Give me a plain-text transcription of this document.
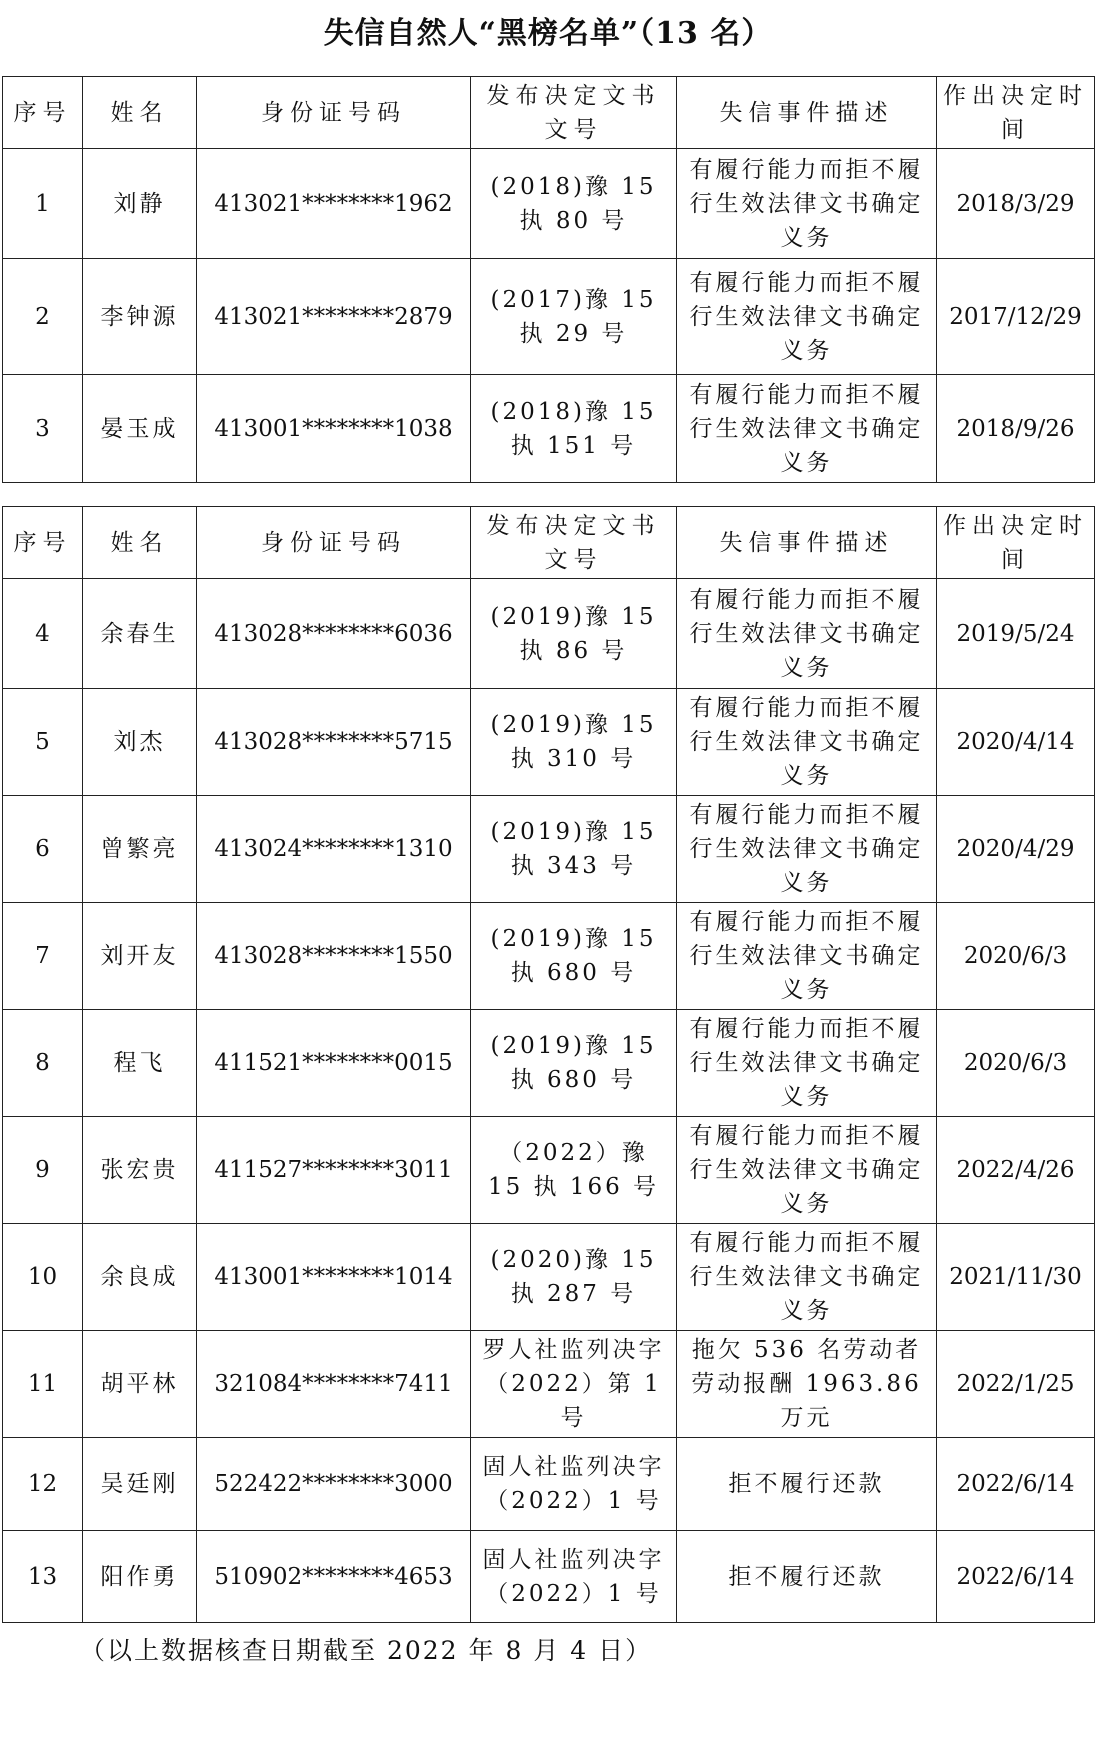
失信自然人“黑榜名单”（13 名）
序号	姓名	身份证号码	发布决定文书文号	失信事件描述	作出决定时 间
1	刘静	413021********1962	(2018)豫 15 执 80 号	有履行能力而拒不履行生效法律文书确定义务	2018/3/29
2	李钟源	413021********2879	(2017)豫 15 执 29 号	有履行能力而拒不履行生效法律文书确定义务	2017/12/29
3	晏玉成	413001********1038	(2018)豫 15 执 151 号	有履行能力而拒不履行生效法律文书确定义务	2018/9/26
序号	姓名	身份证号码	发布决定文书文号	失信事件描述	作出决定时 间
4	余春生	413028********6036	(2019)豫 15 执 86 号	有履行能力而拒不履行生效法律文书确定义务	2019/5/24
5	刘杰	413028********5715	(2019)豫 15 执 310 号	有履行能力而拒不履行生效法律文书确定义务	2020/4/14
6	曾繁亮	413024********1310	(2019)豫 15 执 343 号	有履行能力而拒不履行生效法律文书确定义务	2020/4/29
7	刘开友	413028********1550	(2019)豫 15 执 680 号	有履行能力而拒不履行生效法律文书确定义务	2020/6/3
8	程飞	411521********0015	(2019)豫 15 执 680 号	有履行能力而拒不履行生效法律文书确定义务	2020/6/3
9	张宏贵	411527********3011	（2022）豫 15 执 166 号	有履行能力而拒不履行生效法律文书确定义务	2022/4/26
10	余良成	413001********1014	(2020)豫 15 执 287 号	有履行能力而拒不履行生效法律文书确定义务	2021/11/30
11	胡平林	321084********7411	罗人社监列决字（2022）第 1 号	拖欠 536 名劳动者劳动报酬 1963.86 万元	2022/1/25
12	吴廷刚	522422********3000	固人社监列决字（2022）1 号	拒不履行还款	2022/6/14
13	阳作勇	510902********4653	固人社监列决字（2022）1 号	拒不履行还款	2022/6/14
（以上数据核查日期截至 2022 年 8 月 4 日）
